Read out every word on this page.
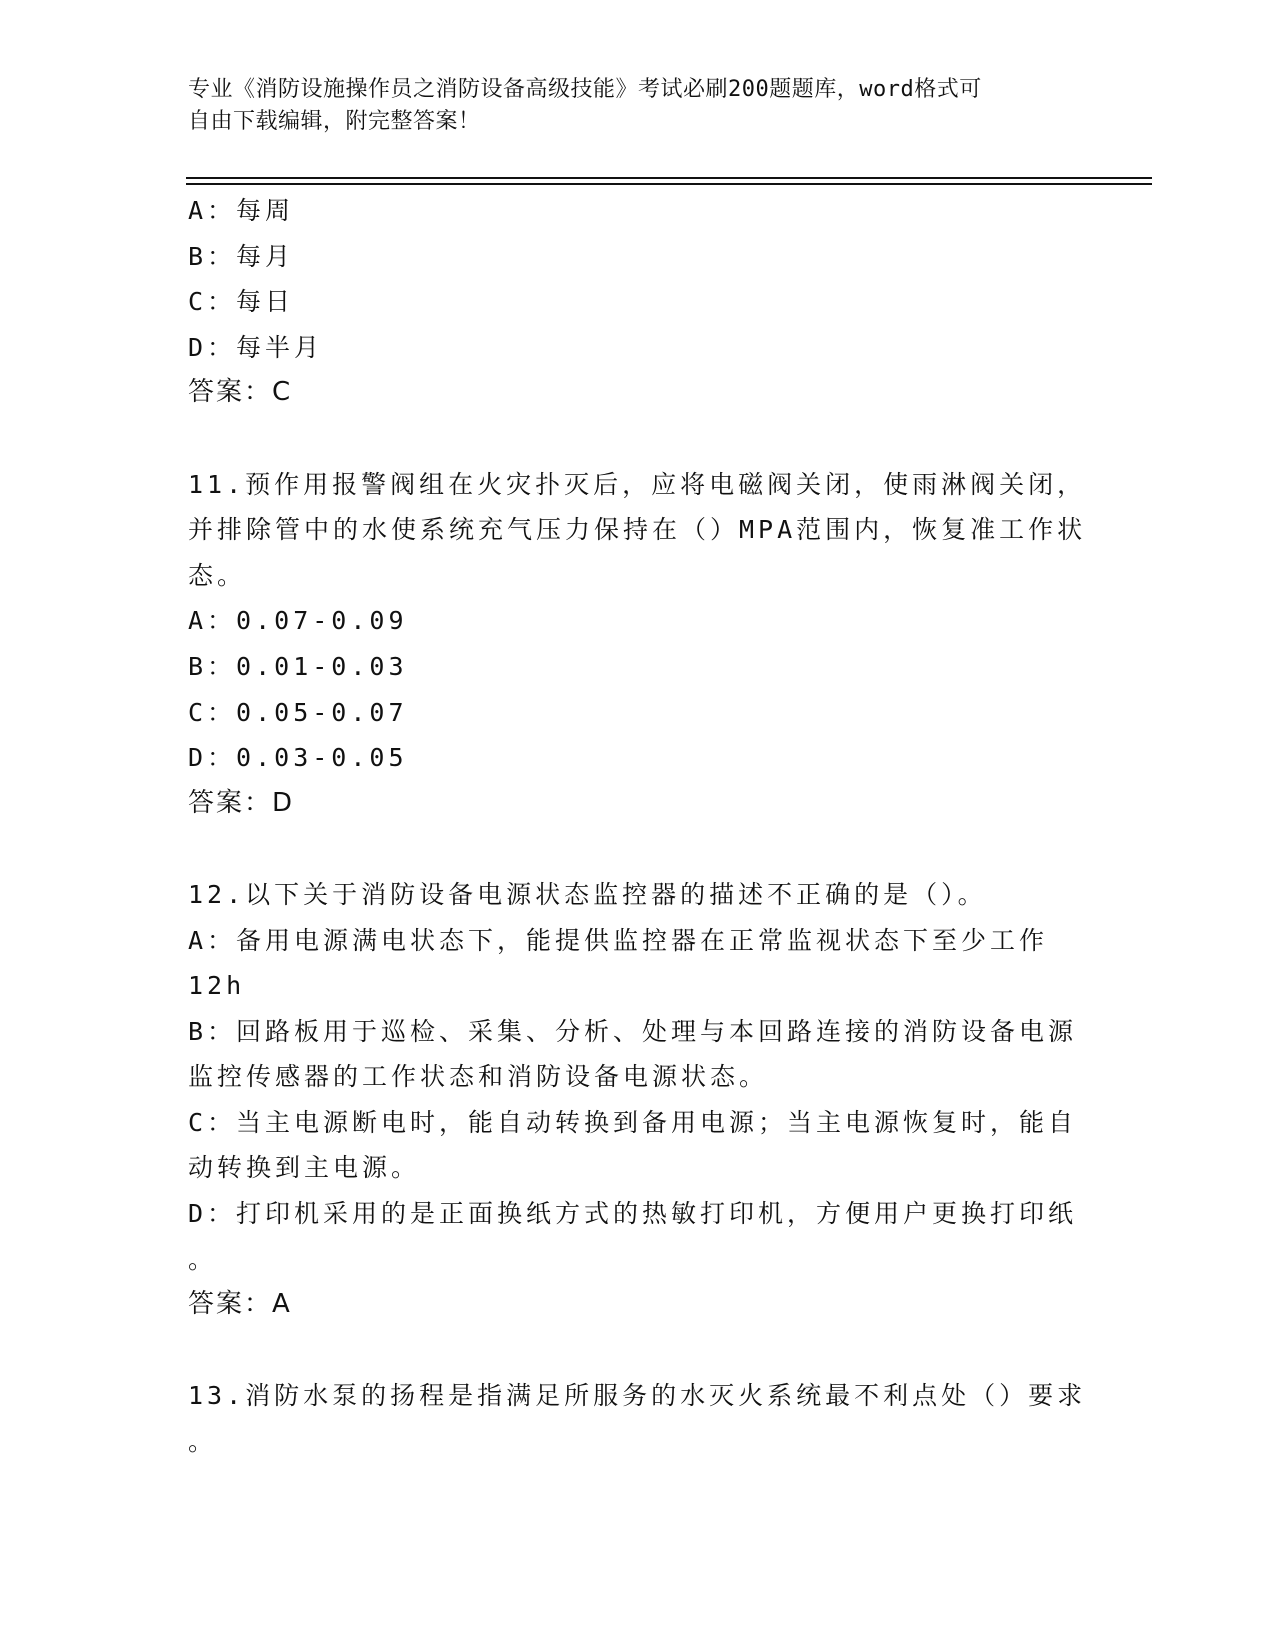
专业《消防设施操作员之消防设备高级技能》考试必刷200题题库，word格式可
自由下载编辑，附完整答案！
A：每周
B：每月
C：每日
D：每半月
答案：C
11.预作用报警阀组在火灾扑灭后，应将电磁阀关闭，使雨淋阀关闭，
并排除管中的水使系统充气压力保持在（）MPA范围内，恢复准工作状
态。
A：0.07-0.09
B：0.01-0.03
C：0.05-0.07
D：0.03-0.05
答案：D
12.以下关于消防设备电源状态监控器的描述不正确的是（）。
A：备用电源满电状态下，能提供监控器在正常监视状态下至少工作
12h
B：回路板用于巡检、采集、分析、处理与本回路连接的消防设备电源
监控传感器的工作状态和消防设备电源状态。
C：当主电源断电时，能自动转换到备用电源；当主电源恢复时，能自
动转换到主电源。
D：打印机采用的是正面换纸方式的热敏打印机，方便用户更换打印纸
。
答案：A
13.消防水泵的扬程是指满足所服务的水灭火系统最不利点处（）要求
。
